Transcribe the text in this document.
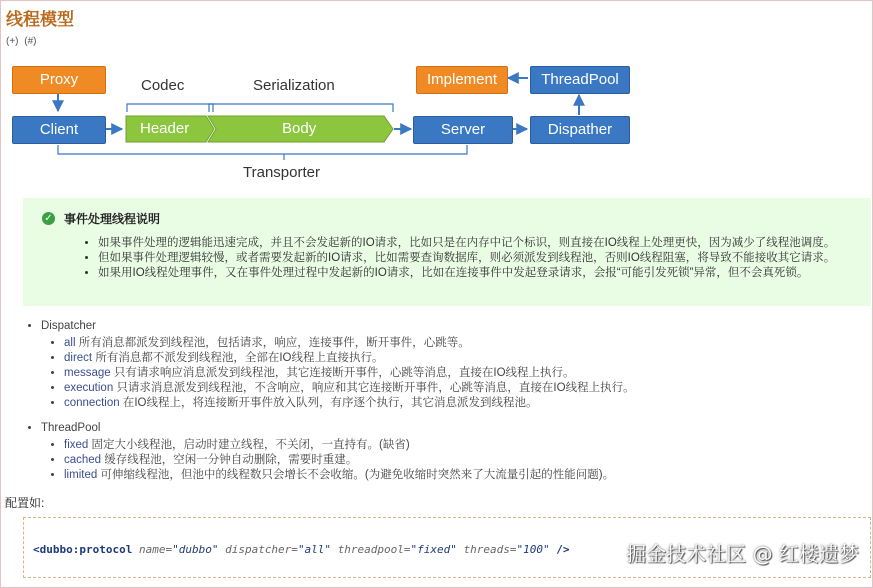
线程模型
(+) (#)
Proxy
Client
Codec	Serialization
Header	Body	Server	Dispather
Implement	ThreadPool
Transporter
✓ 事件处理线程说明
• 如果事件处理的逻辑能迅速完成，并且不会发起新的IO请求，比如只是在内存中记个标识，则直接在IO线程上处理更快，因为减少了线程池调度。
• 但如果事件处理逻辑较慢，或者需要发起新的IO请求，比如需要查询数据库，则必须派发到线程池，否则IO线程阻塞，将导致不能接收其它请求。
• 如果用IO线程处理事件，又在事件处理过程中发起新的IO请求，比如在连接事件中发起登录请求，会报“可能引发死锁”异常，但不会真死锁。
• Dispatcher
• all 所有消息都派发到线程池，包括请求，响应，连接事件，断开事件，心跳等。
• direct 所有消息都不派发到线程池，全部在IO线程上直接执行。
• message 只有请求响应消息派发到线程池，其它连接断开事件，心跳等消息，直接在IO线程上执行。
• execution 只请求消息派发到线程池，不含响应，响应和其它连接断开事件，心跳等消息，直接在IO线程上执行。
• connection 在IO线程上，将连接断开事件放入队列，有序逐个执行，其它消息派发到线程池。
• ThreadPool
• fixed 固定大小线程池，启动时建立线程，不关闭，一直持有。(缺省)
• cached 缓存线程池，空闲一分钟自动删除，需要时重建。
• limited 可伸缩线程池，但池中的线程数只会增长不会收缩。(为避免收缩时突然来了大流量引起的性能问题)。
配置如:
<dubbo:protocol name="dubbo" dispatcher="all" threadpool="fixed" threads="100" />	掘金技术社区 @ 红楼遗梦
